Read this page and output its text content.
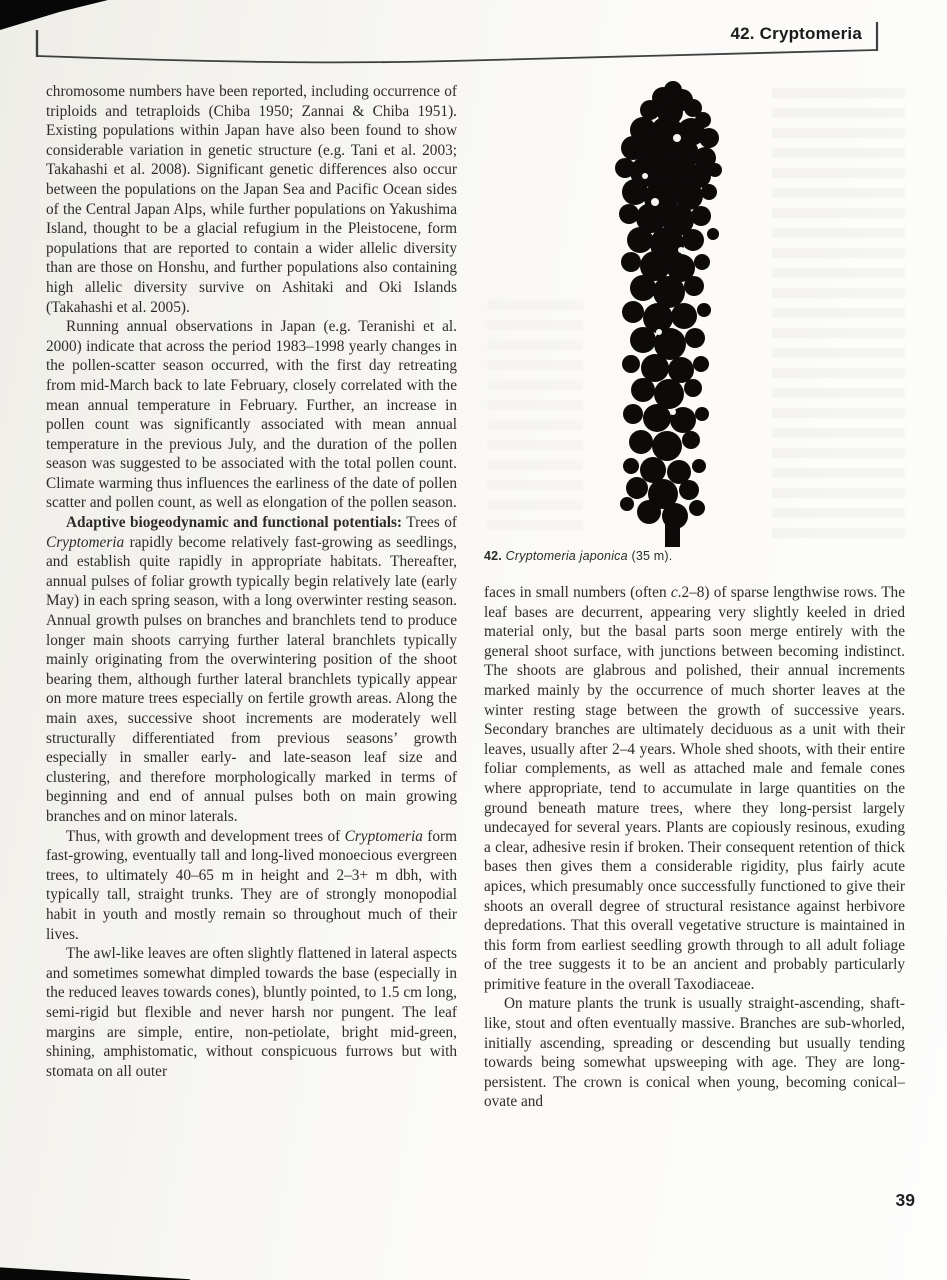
42. Cryptomeria

chromosome numbers have been reported, including occurrence of triploids and tetraploids (Chiba 1950; Zannai & Chiba 1951). Existing populations within Japan have also been found to show considerable variation in genetic structure (e.g. Tani et al. 2003; Takahashi et al. 2008). Significant genetic differences also occur between the populations on the Japan Sea and Pacific Ocean sides of the Central Japan Alps, while further populations on Yakushima Island, thought to be a glacial refugium in the Pleistocene, form populations that are reported to contain a wider allelic diversity than are those on Honshu, and further populations also containing high allelic diversity survive on Ashitaki and Oki Islands (Takahashi et al. 2005).

Running annual observations in Japan (e.g. Teranishi et al. 2000) indicate that across the period 1983–1998 yearly changes in the pollen-scatter season occurred, with the first day retreating from mid-March back to late February, closely correlated with the mean annual temperature in February. Further, an increase in pollen count was significantly associated with mean annual temperature in the previous July, and the duration of the pollen season was suggested to be associated with the total pollen count. Climate warming thus influences the earliness of the date of pollen scatter and pollen count, as well as elongation of the pollen season.

Adaptive biogeodynamic and functional potentials: Trees of Cryptomeria rapidly become relatively fast-growing as seedlings, and establish quite rapidly in appropriate habitats. Thereafter, annual pulses of foliar growth typically begin relatively late (early May) in each spring season, with a long overwinter resting season. Annual growth pulses on branches and branchlets tend to produce longer main shoots carrying further lateral branchlets typically mainly originating from the overwintering position of the shoot bearing them, although further lateral branchlets typically appear on more mature trees especially on fertile growth areas. Along the main axes, successive shoot increments are moderately well structurally differentiated from previous seasons’ growth especially in smaller early- and late-season leaf size and clustering, and therefore morphologically marked in terms of beginning and end of annual pulses both on main growing branches and on minor laterals.

Thus, with growth and development trees of Cryptomeria form fast-growing, eventually tall and long-lived monoecious evergreen trees, to ultimately 40–65 m in height and 2–3+ m dbh, with typically tall, straight trunks. They are of strongly monopodial habit in youth and mostly remain so throughout much of their lives.

The awl-like leaves are often slightly flattened in lateral aspects and sometimes somewhat dimpled towards the base (especially in the reduced leaves towards cones), bluntly pointed, to 1.5 cm long, semi-rigid but flexible and never harsh nor pungent. The leaf margins are simple, entire, non-petiolate, bright mid-green, shining, amphistomatic, without conspicuous furrows but with stomata on all outer

42. Cryptomeria japonica (35 m).

faces in small numbers (often c.2–8) of sparse lengthwise rows. The leaf bases are decurrent, appearing very slightly keeled in dried material only, but the basal parts soon merge entirely with the general shoot surface, with junctions between becoming indistinct. The shoots are glabrous and polished, their annual increments marked mainly by the occurrence of much shorter leaves at the winter resting stage between the growth of successive years. Secondary branches are ultimately deciduous as a unit with their leaves, usually after 2–4 years. Whole shed shoots, with their entire foliar complements, as well as attached male and female cones where appropriate, tend to accumulate in large quantities on the ground beneath mature trees, where they long-persist largely undecayed for several years. Plants are copiously resinous, exuding a clear, adhesive resin if broken. Their consequent retention of thick bases then gives them a considerable rigidity, plus fairly acute apices, which presumably once successfully functioned to give their shoots an overall degree of structural resistance against herbivore depredations. That this overall vegetative structure is maintained in this form from earliest seedling growth through to all adult foliage of the tree suggests it to be an ancient and probably particularly primitive feature in the overall Taxodiaceae.

On mature plants the trunk is usually straight-ascending, shaft-like, stout and often eventually massive. Branches are sub-whorled, initially ascending, spreading or descending but usually tending towards being somewhat upsweeping with age. They are long-persistent. The crown is conical when young, becoming conical–ovate and

39
